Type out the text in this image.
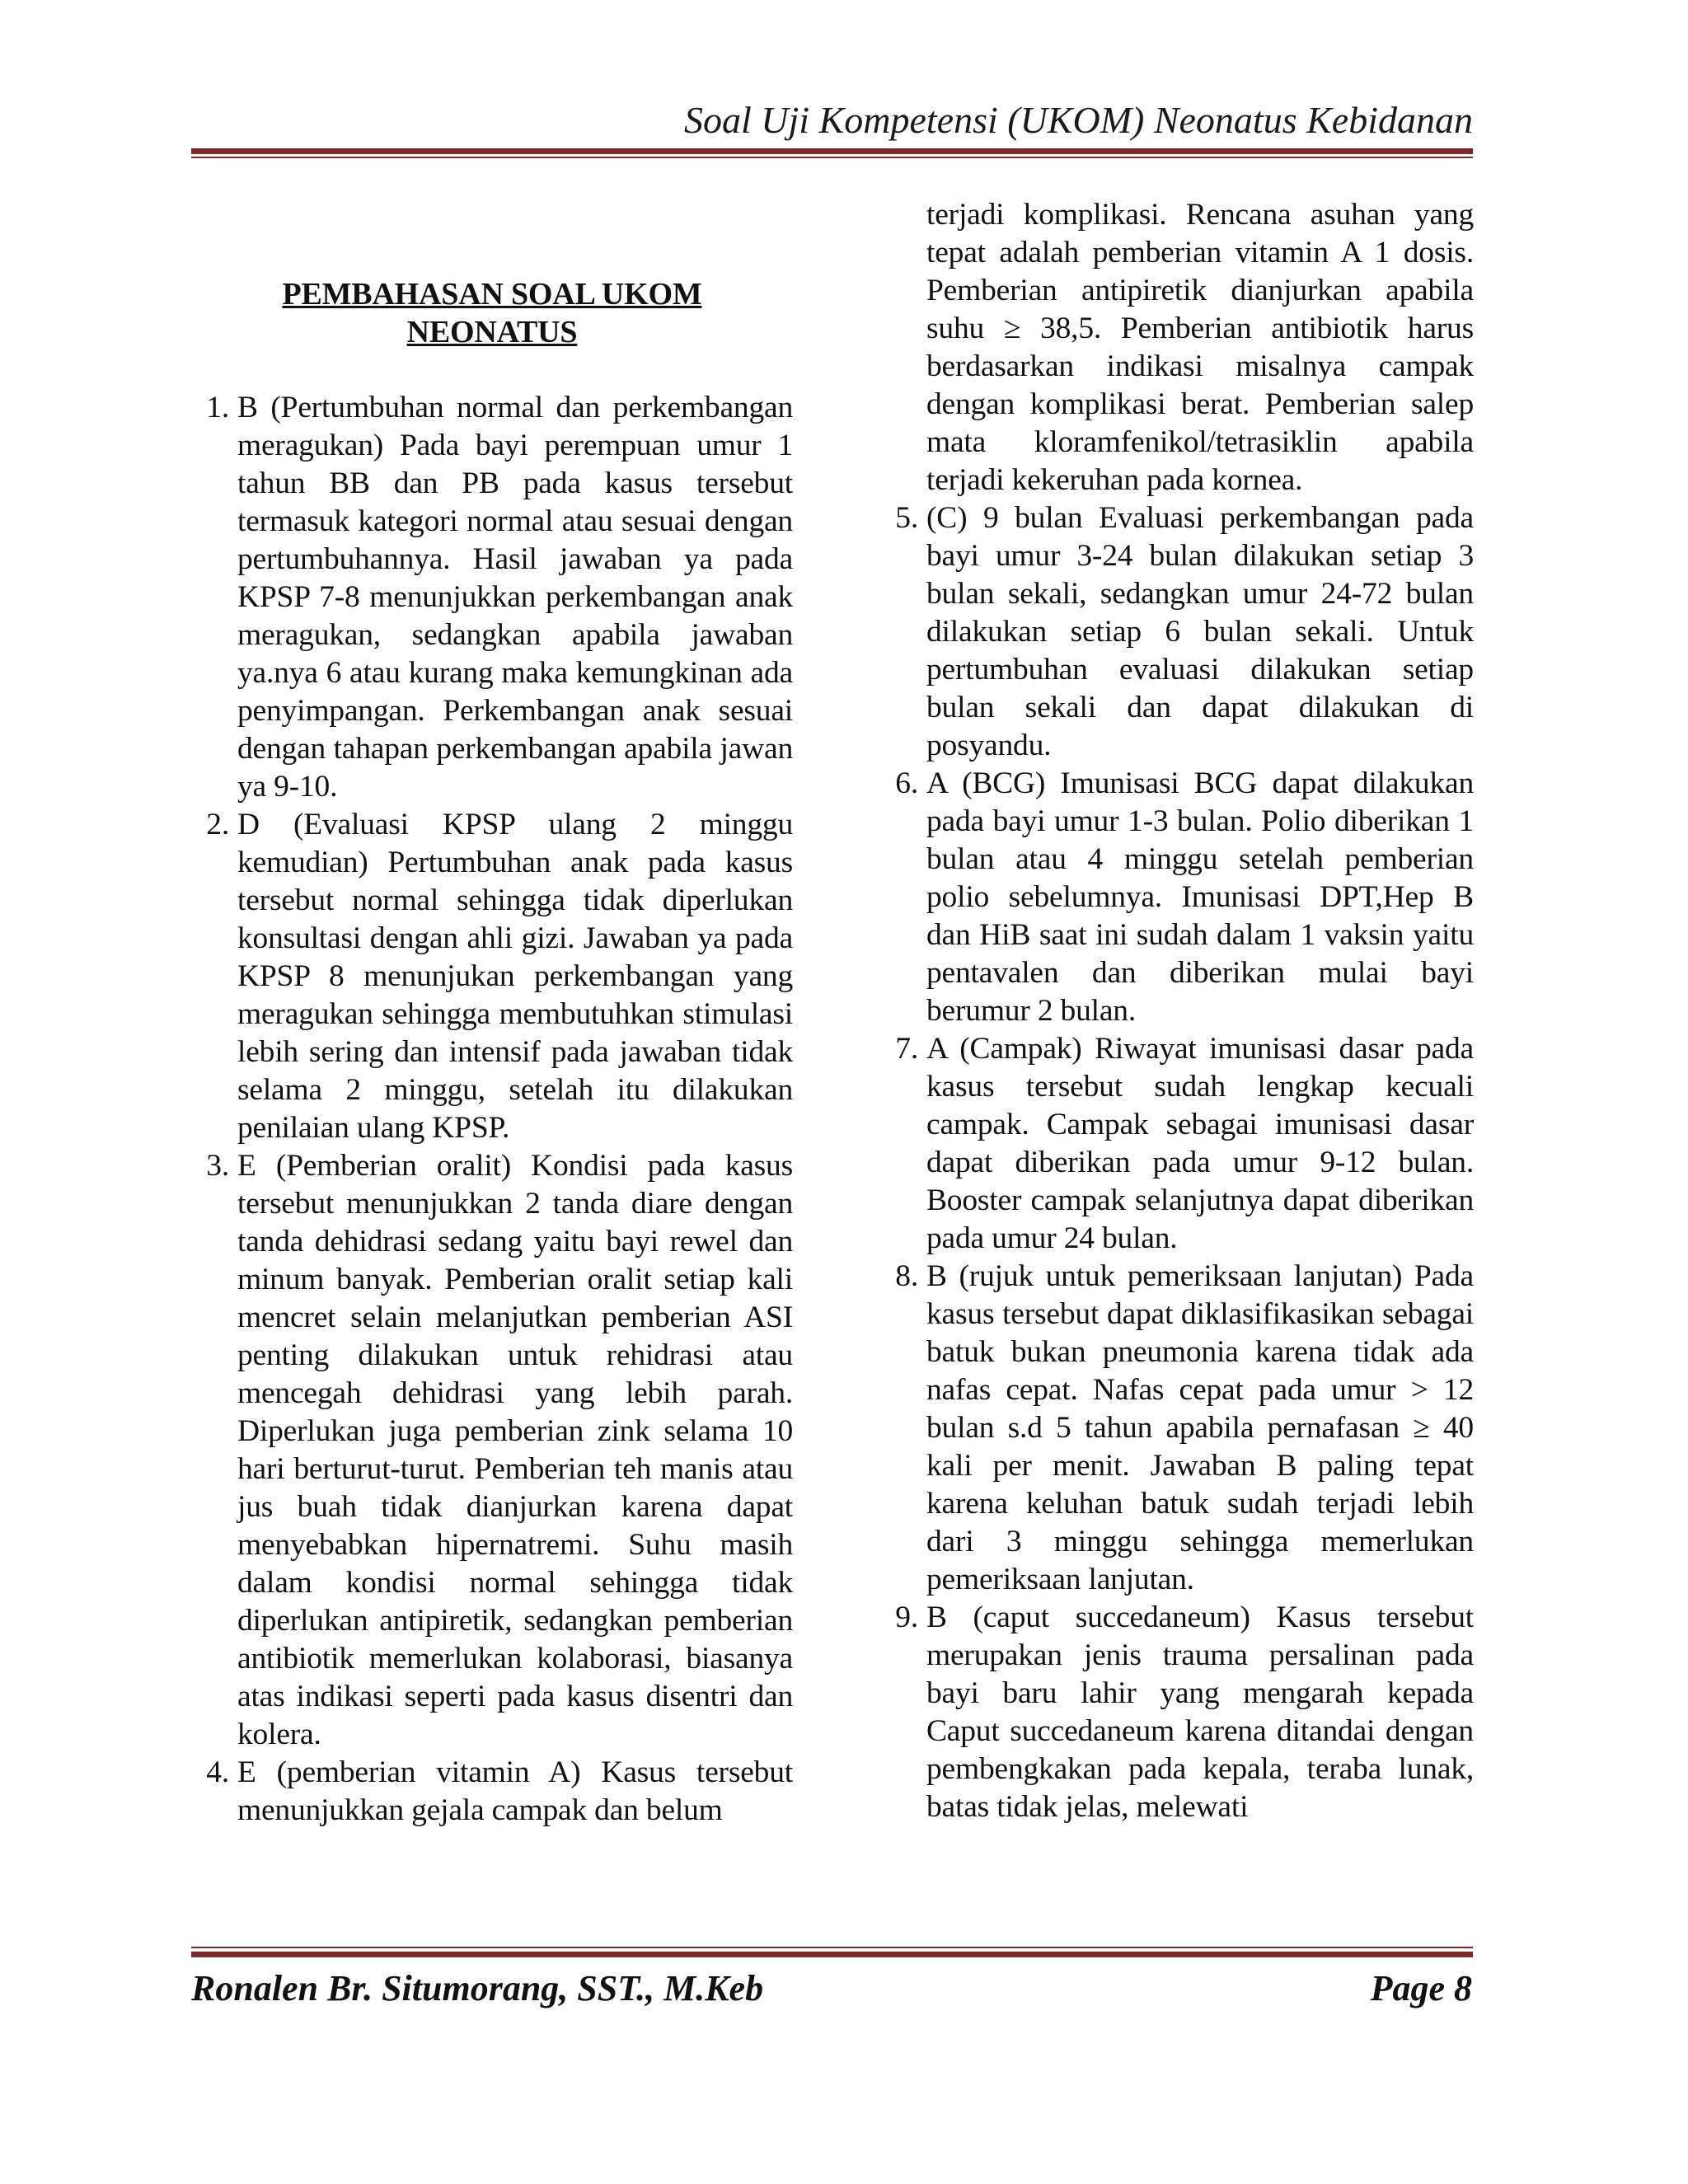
Soal Uji Kompetensi (UKOM) Neonatus Kebidanan
PEMBAHASAN SOAL UKOM
NEONATUS
1. B (Pertumbuhan normal dan perkembangan meragukan) Pada bayi perempuan umur 1 tahun BB dan PB pada kasus tersebut termasuk kategori normal atau sesuai dengan pertumbuhannya. Hasil jawaban ya pada KPSP 7-8 menunjukkan perkembangan anak meragukan, sedangkan apabila jawaban ya.nya 6 atau kurang maka kemungkinan ada penyimpangan. Perkembangan anak sesuai dengan tahapan perkembangan apabila jawan ya 9-10.
2. D (Evaluasi KPSP ulang 2 minggu kemudian) Pertumbuhan anak pada kasus tersebut normal sehingga tidak diperlukan konsultasi dengan ahli gizi. Jawaban ya pada KPSP 8 menunjukan perkembangan yang meragukan sehingga membutuhkan stimulasi lebih sering dan intensif pada jawaban tidak selama 2 minggu, setelah itu dilakukan penilaian ulang KPSP.
3. E (Pemberian oralit) Kondisi pada kasus tersebut menunjukkan 2 tanda diare dengan tanda dehidrasi sedang yaitu bayi rewel dan minum banyak. Pemberian oralit setiap kali mencret selain melanjutkan pemberian ASI penting dilakukan untuk rehidrasi atau mencegah dehidrasi yang lebih parah. Diperlukan juga pemberian zink selama 10 hari berturut-turut. Pemberian teh manis atau jus buah tidak dianjurkan karena dapat menyebabkan hipernatremi. Suhu masih dalam kondisi normal sehingga tidak diperlukan antipiretik, sedangkan pemberian antibiotik memerlukan kolaborasi, biasanya atas indikasi seperti pada kasus disentri dan kolera.
4. E (pemberian vitamin A) Kasus tersebut menunjukkan gejala campak dan belum
terjadi komplikasi. Rencana asuhan yang tepat adalah pemberian vitamin A 1 dosis. Pemberian antipiretik dianjurkan apabila suhu ≥ 38,5. Pemberian antibiotik harus berdasarkan indikasi misalnya campak dengan komplikasi berat. Pemberian salep mata kloramfenikol/tetrasiklin apabila terjadi kekeruhan pada kornea.
5. (C) 9 bulan Evaluasi perkembangan pada bayi umur 3-24 bulan dilakukan setiap 3 bulan sekali, sedangkan umur 24-72 bulan dilakukan setiap 6 bulan sekali. Untuk pertumbuhan evaluasi dilakukan setiap bulan sekali dan dapat dilakukan di posyandu.
6. A (BCG) Imunisasi BCG dapat dilakukan pada bayi umur 1-3 bulan. Polio diberikan 1 bulan atau 4 minggu setelah pemberian polio sebelumnya. Imunisasi DPT,Hep B dan HiB saat ini sudah dalam 1 vaksin yaitu pentavalen dan diberikan mulai bayi berumur 2 bulan.
7. A (Campak) Riwayat imunisasi dasar pada kasus tersebut sudah lengkap kecuali campak. Campak sebagai imunisasi dasar dapat diberikan pada umur 9-12 bulan. Booster campak selanjutnya dapat diberikan pada umur 24 bulan.
8. B (rujuk untuk pemeriksaan lanjutan) Pada kasus tersebut dapat diklasifikasikan sebagai batuk bukan pneumonia karena tidak ada nafas cepat. Nafas cepat pada umur > 12 bulan s.d 5 tahun apabila pernafasan ≥ 40 kali per menit. Jawaban B paling tepat karena keluhan batuk sudah terjadi lebih dari 3 minggu sehingga memerlukan pemeriksaan lanjutan.
9. B (caput succedaneum) Kasus tersebut merupakan jenis trauma persalinan pada bayi baru lahir yang mengarah kepada Caput succedaneum karena ditandai dengan pembengkakan pada kepala, teraba lunak, batas tidak jelas, melewati
Ronalen Br. Situmorang, SST., M.Keb	Page 8
